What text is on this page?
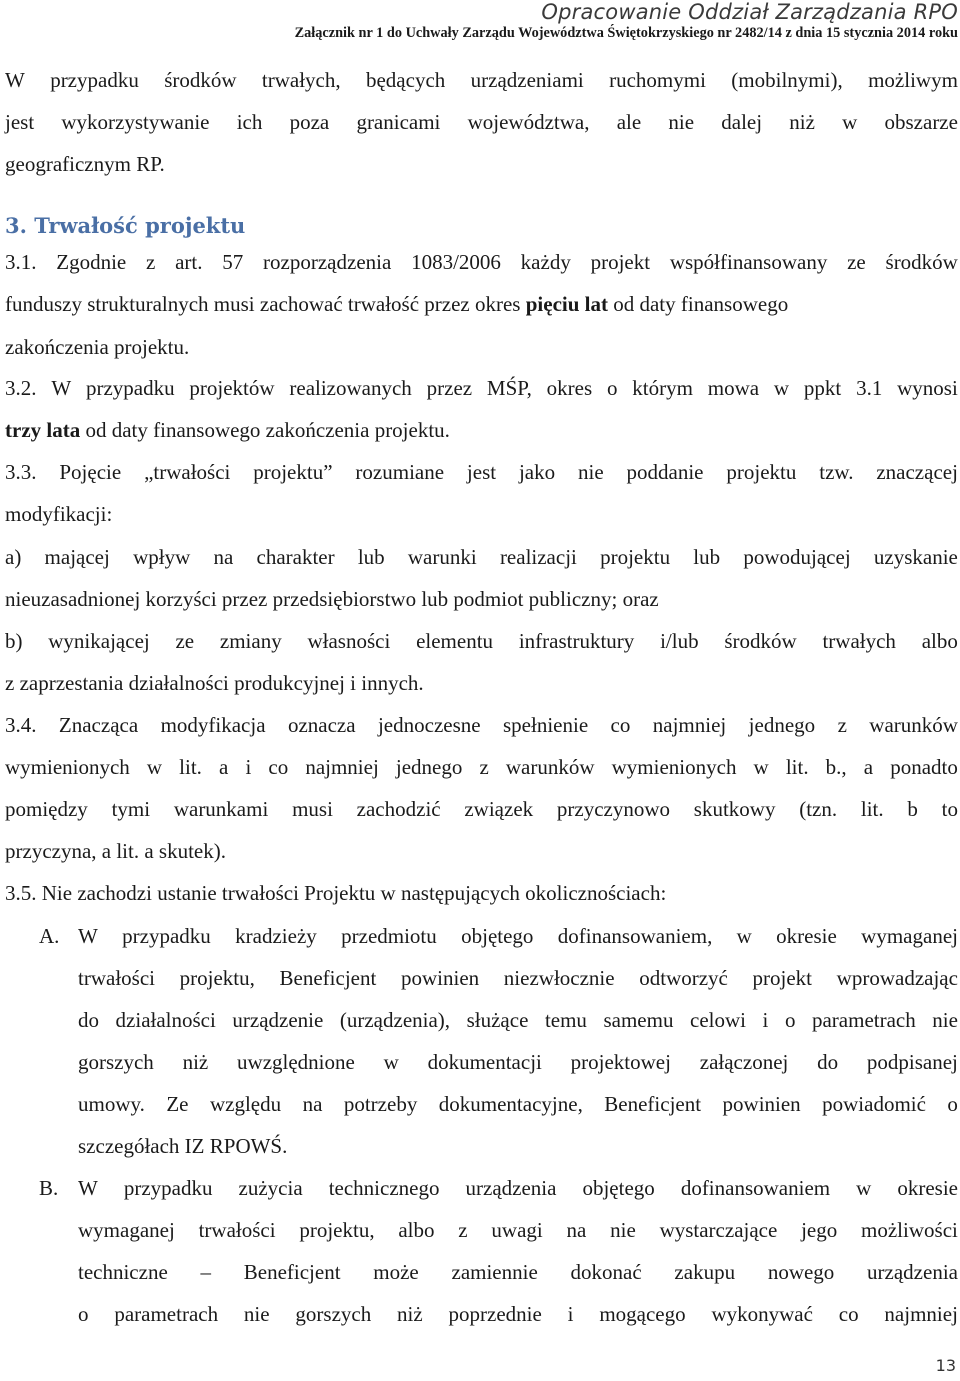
Opracowanie Oddział Zarządzania RPO
Załącznik nr 1 do Uchwały Zarządu Województwa Świętokrzyskiego nr 2482/14 z dnia 15 stycznia 2014 roku
W przypadku środków trwałych, będących urządzeniami ruchomymi (mobilnymi), możliwym
jest wykorzystywanie ich poza granicami województwa, ale nie dalej niż w obszarze
geograficznym RP.
3. Trwałość projektu
3.1. Zgodnie z art. 57 rozporządzenia 1083/2006 każdy projekt współfinansowany ze środków
funduszy strukturalnych musi zachować trwałość przez okres pięciu lat od daty finansowego
zakończenia projektu.
3.2. W przypadku projektów realizowanych przez MŚP, okres o którym mowa w ppkt 3.1 wynosi
trzy lata od daty finansowego zakończenia projektu.
3.3. Pojęcie „trwałości projektu” rozumiane jest jako nie poddanie projektu tzw. znaczącej
modyfikacji:
a) mającej wpływ na charakter lub warunki realizacji projektu lub powodującej uzyskanie
nieuzasadnionej korzyści przez przedsiębiorstwo lub podmiot publiczny; oraz
b) wynikającej ze zmiany własności elementu infrastruktury i/lub środków trwałych albo
z zaprzestania działalności produkcyjnej i innych.
3.4. Znacząca modyfikacja oznacza jednoczesne spełnienie co najmniej jednego z warunków
wymienionych w lit. a i co najmniej jednego z warunków wymienionych w lit. b., a ponadto
pomiędzy tymi warunkami musi zachodzić związek przyczynowo skutkowy (tzn. lit. b to
przyczyna, a lit. a skutek).
3.5. Nie zachodzi ustanie trwałości Projektu w następujących okolicznościach:
A. W przypadku kradzieży przedmiotu objętego dofinansowaniem, w okresie wymaganej
trwałości projektu, Beneficjent powinien niezwłocznie odtworzyć projekt wprowadzając
do działalności urządzenie (urządzenia), służące temu samemu celowi i o parametrach nie
gorszych niż uwzględnione w dokumentacji projektowej załączonej do podpisanej
umowy. Ze względu na potrzeby dokumentacyjne, Beneficjent powinien powiadomić o
szczegółach IZ RPOWŚ.
B. W przypadku zużycia technicznego urządzenia objętego dofinansowaniem w okresie
wymaganej trwałości projektu, albo z uwagi na nie wystarczające jego możliwości
techniczne – Beneficjent może zamiennie dokonać zakupu nowego urządzenia
o parametrach nie gorszych niż poprzednie i mogącego wykonywać co najmniej
13
